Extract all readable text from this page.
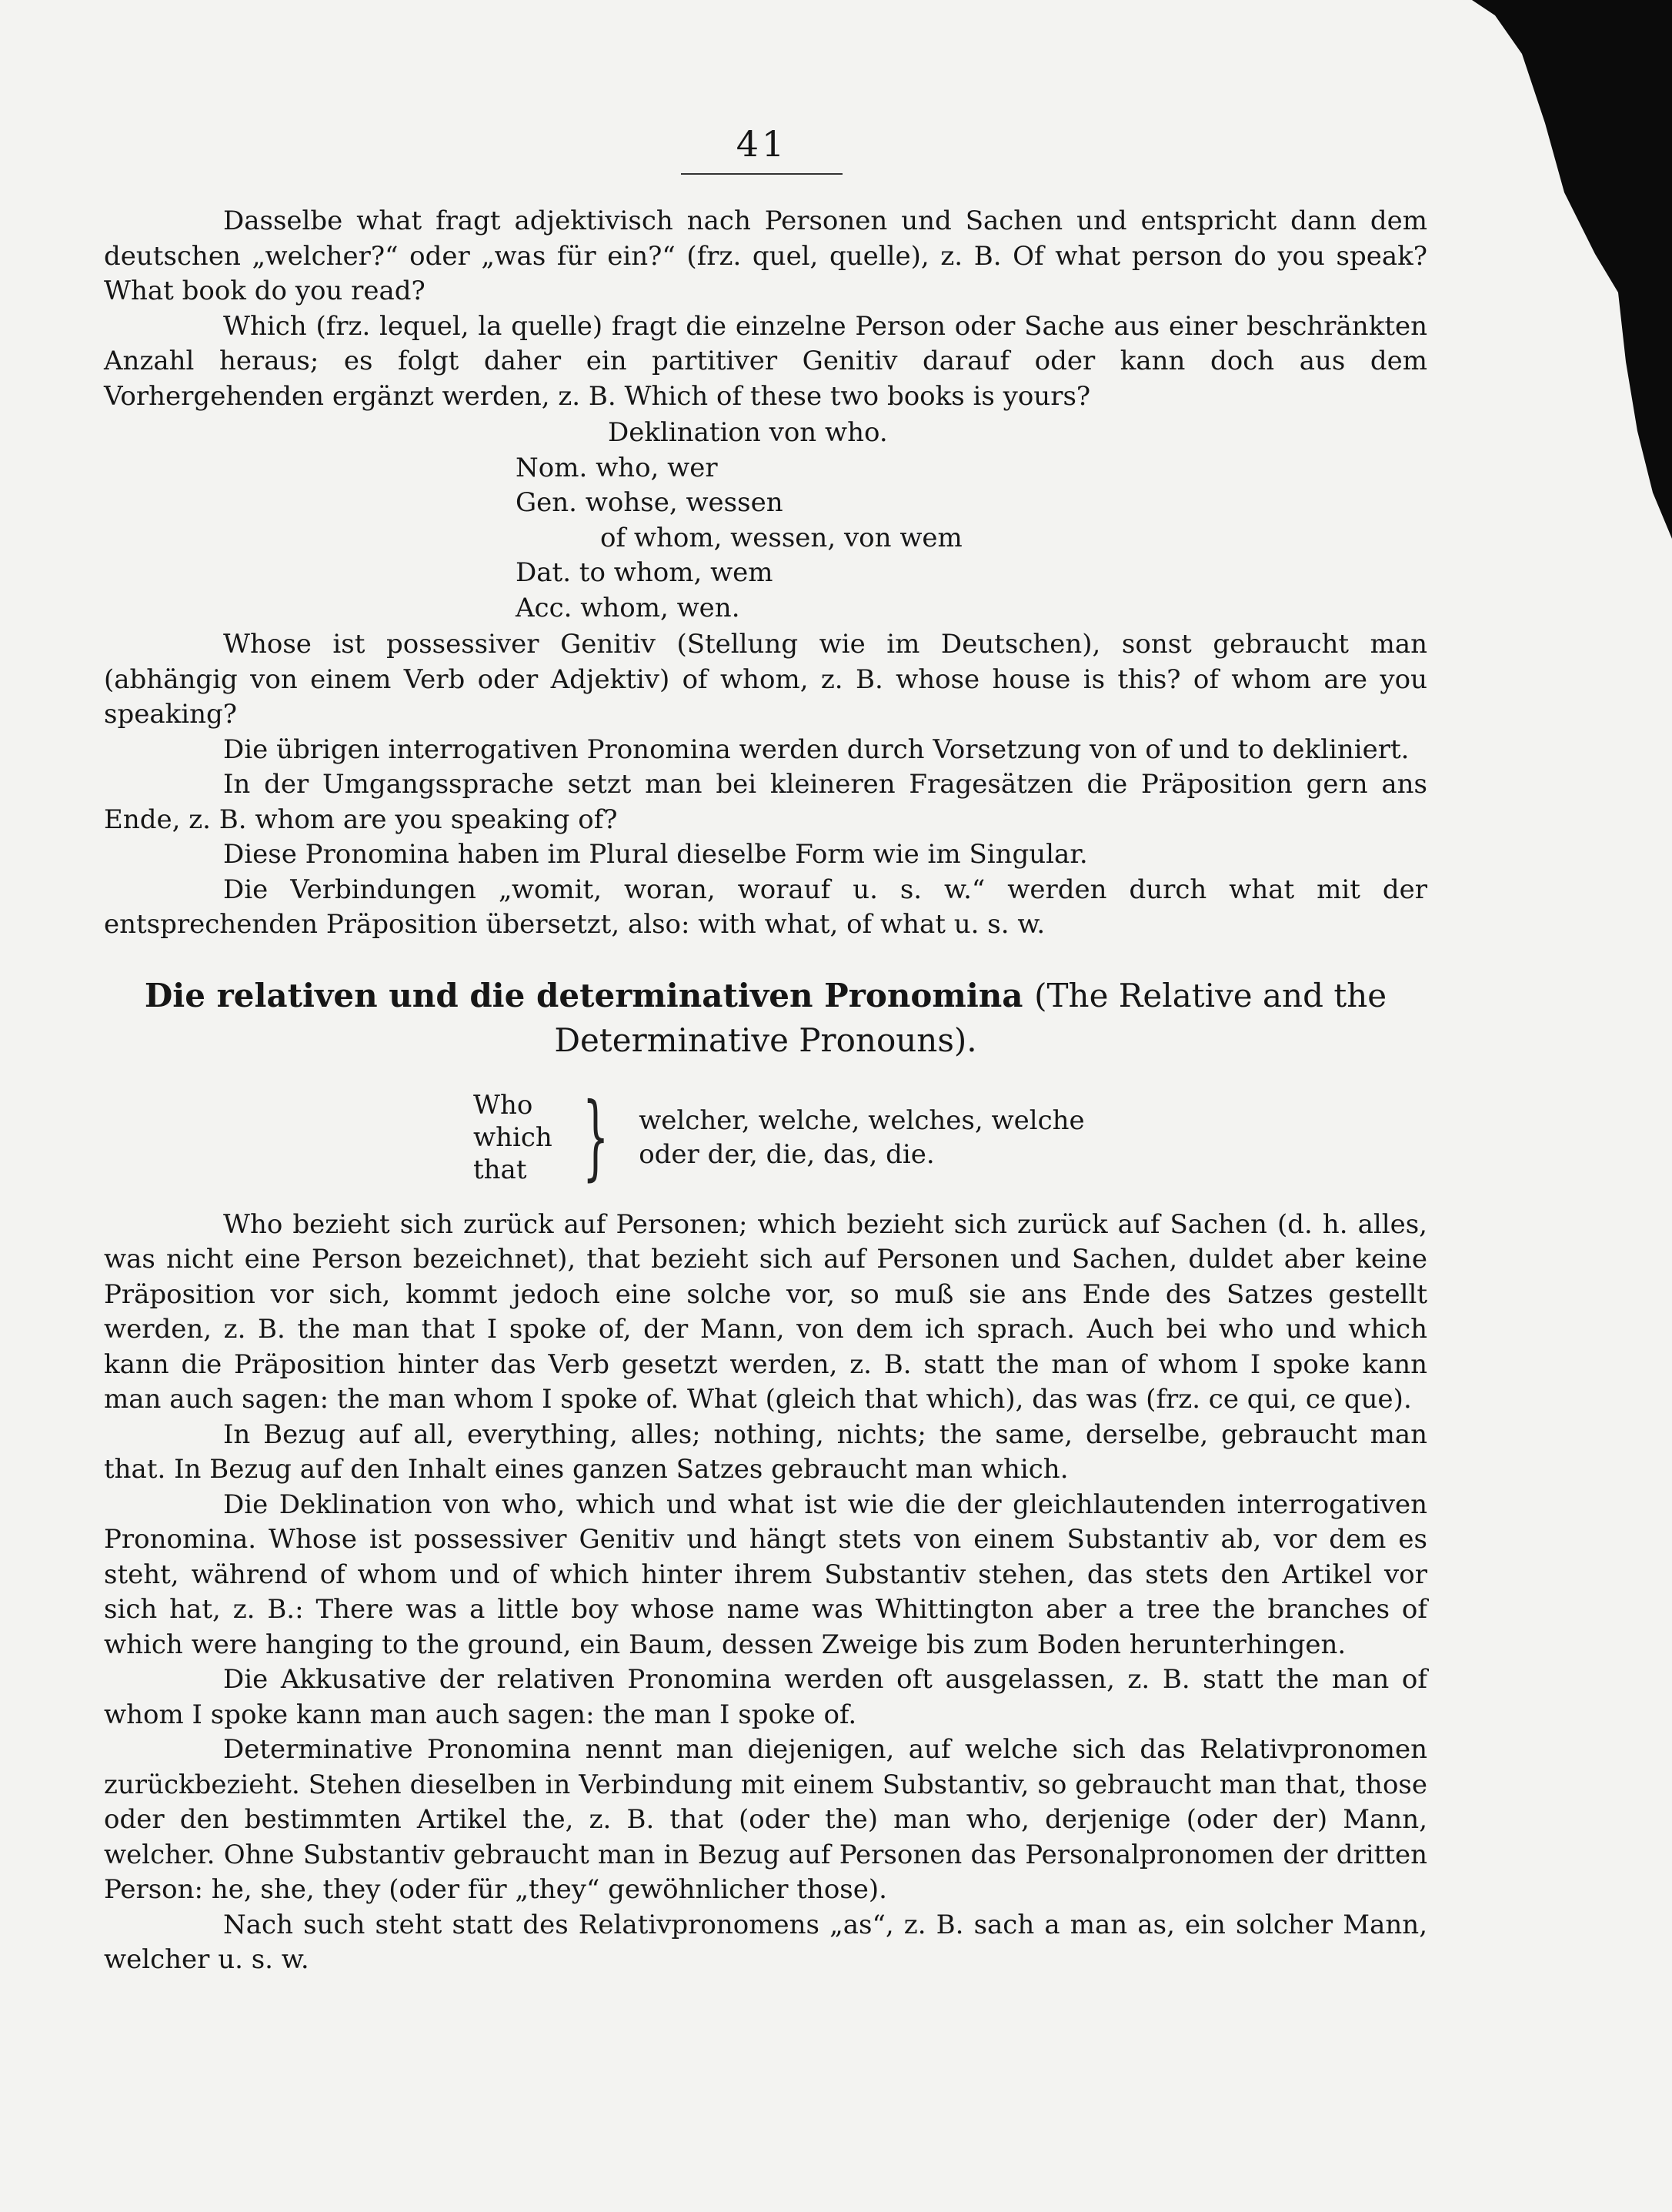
41

Dasselbe what fragt adjektivisch nach Personen und Sachen und entspricht dann dem deutschen „welcher?“ oder „was für ein?“ (frz. quel, quelle), z. B. Of what person do you speak? What book do you read?

Which (frz. lequel, la quelle) fragt die einzelne Person oder Sache aus einer beschränkten Anzahl heraus; es folgt daher ein partitiver Genitiv darauf oder kann doch aus dem Vorhergehenden ergänzt werden, z. B. Which of these two books is yours?

Deklination von who.
Nom. who, wer
Gen. wohse, wessen
of whom, wessen, von wem
Dat. to whom, wem
Acc. whom, wen.

Whose ist possessiver Genitiv (Stellung wie im Deutschen), sonst gebraucht man (abhängig von einem Verb oder Adjektiv) of whom, z. B. whose house is this? of whom are you speaking?

Die übrigen interrogativen Pronomina werden durch Vorsetzung von of und to dekliniert.

In der Umgangssprache setzt man bei kleineren Fragesätzen die Präposition gern ans Ende, z. B. whom are you speaking of?

Diese Pronomina haben im Plural dieselbe Form wie im Singular.

Die Verbindungen „womit, woran, worauf u. s. w.“ werden durch what mit der entsprechenden Präposition übersetzt, also: with what, of what u. s. w.

Die relativen und die determinativen Pronomina (The Relative and the Determinative Pronouns).
Who
which
that } welcher, welche, welches, welche
oder der, die, das, die.

Who bezieht sich zurück auf Personen; which bezieht sich zurück auf Sachen (d. h. alles, was nicht eine Person bezeichnet), that bezieht sich auf Personen und Sachen, duldet aber keine Präposition vor sich, kommt jedoch eine solche vor, so muß sie ans Ende des Satzes gestellt werden, z. B. the man that I spoke of, der Mann, von dem ich sprach. Auch bei who und which kann die Präposition hinter das Verb gesetzt werden, z. B. statt the man of whom I spoke kann man auch sagen: the man whom I spoke of. What (gleich that which), das was (frz. ce qui, ce que).

In Bezug auf all, everything, alles; nothing, nichts; the same, derselbe, gebraucht man that. In Bezug auf den Inhalt eines ganzen Satzes gebraucht man which.

Die Deklination von who, which und what ist wie die der gleichlautenden interrogativen Pronomina. Whose ist possessiver Genitiv und hängt stets von einem Substantiv ab, vor dem es steht, während of whom und of which hinter ihrem Substantiv stehen, das stets den Artikel vor sich hat, z. B.: There was a little boy whose name was Whittington aber a tree the branches of which were hanging to the ground, ein Baum, dessen Zweige bis zum Boden herunterhingen.

Die Akkusative der relativen Pronomina werden oft ausgelassen, z. B. statt the man of whom I spoke kann man auch sagen: the man I spoke of.

Determinative Pronomina nennt man diejenigen, auf welche sich das Relativpronomen zurückbezieht. Stehen dieselben in Verbindung mit einem Substantiv, so gebraucht man that, those oder den bestimmten Artikel the, z. B. that (oder the) man who, derjenige (oder der) Mann, welcher. Ohne Substantiv gebraucht man in Bezug auf Personen das Personalpronomen der dritten Person: he, she, they (oder für „they“ gewöhnlicher those).

Nach such steht statt des Relativpronomens „as“, z. B. sach a man as, ein solcher Mann, welcher u. s. w.
